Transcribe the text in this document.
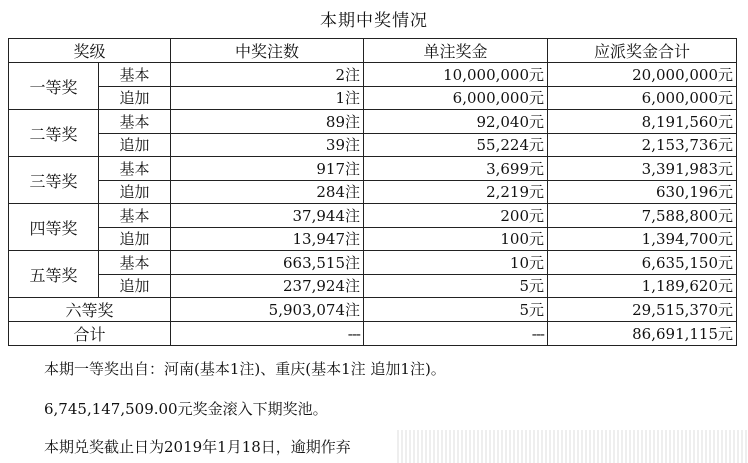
本期中奖情况
奖级		中奖注数	单注奖金	应派奖金合计
一等奖	基本	2注	10,000,000元	20,000,000元
	追加	1注	6,000,000元	6,000,000元
二等奖	基本	89注	92,040元	8,191,560元
	追加	39注	55,224元	2,153,736元
三等奖	基本	917注	3,699元	3,391,983元
	追加	284注	2,219元	630,196元
四等奖	基本	37,944注	200元	7,588,800元
	追加	13,947注	100元	1,394,700元
五等奖	基本	663,515注	10元	6,635,150元
	追加	237,924注	5元	1,189,620元
六等奖		5,903,074注	5元	29,515,370元
合计		---	---	86,691,115元
本期一等奖出自：河南(基本1注)、重庆(基本1注 追加1注)。
6,745,147,509.00元奖金滚入下期奖池。
本期兑奖截止日为2019年1月18日，逾期作弃
